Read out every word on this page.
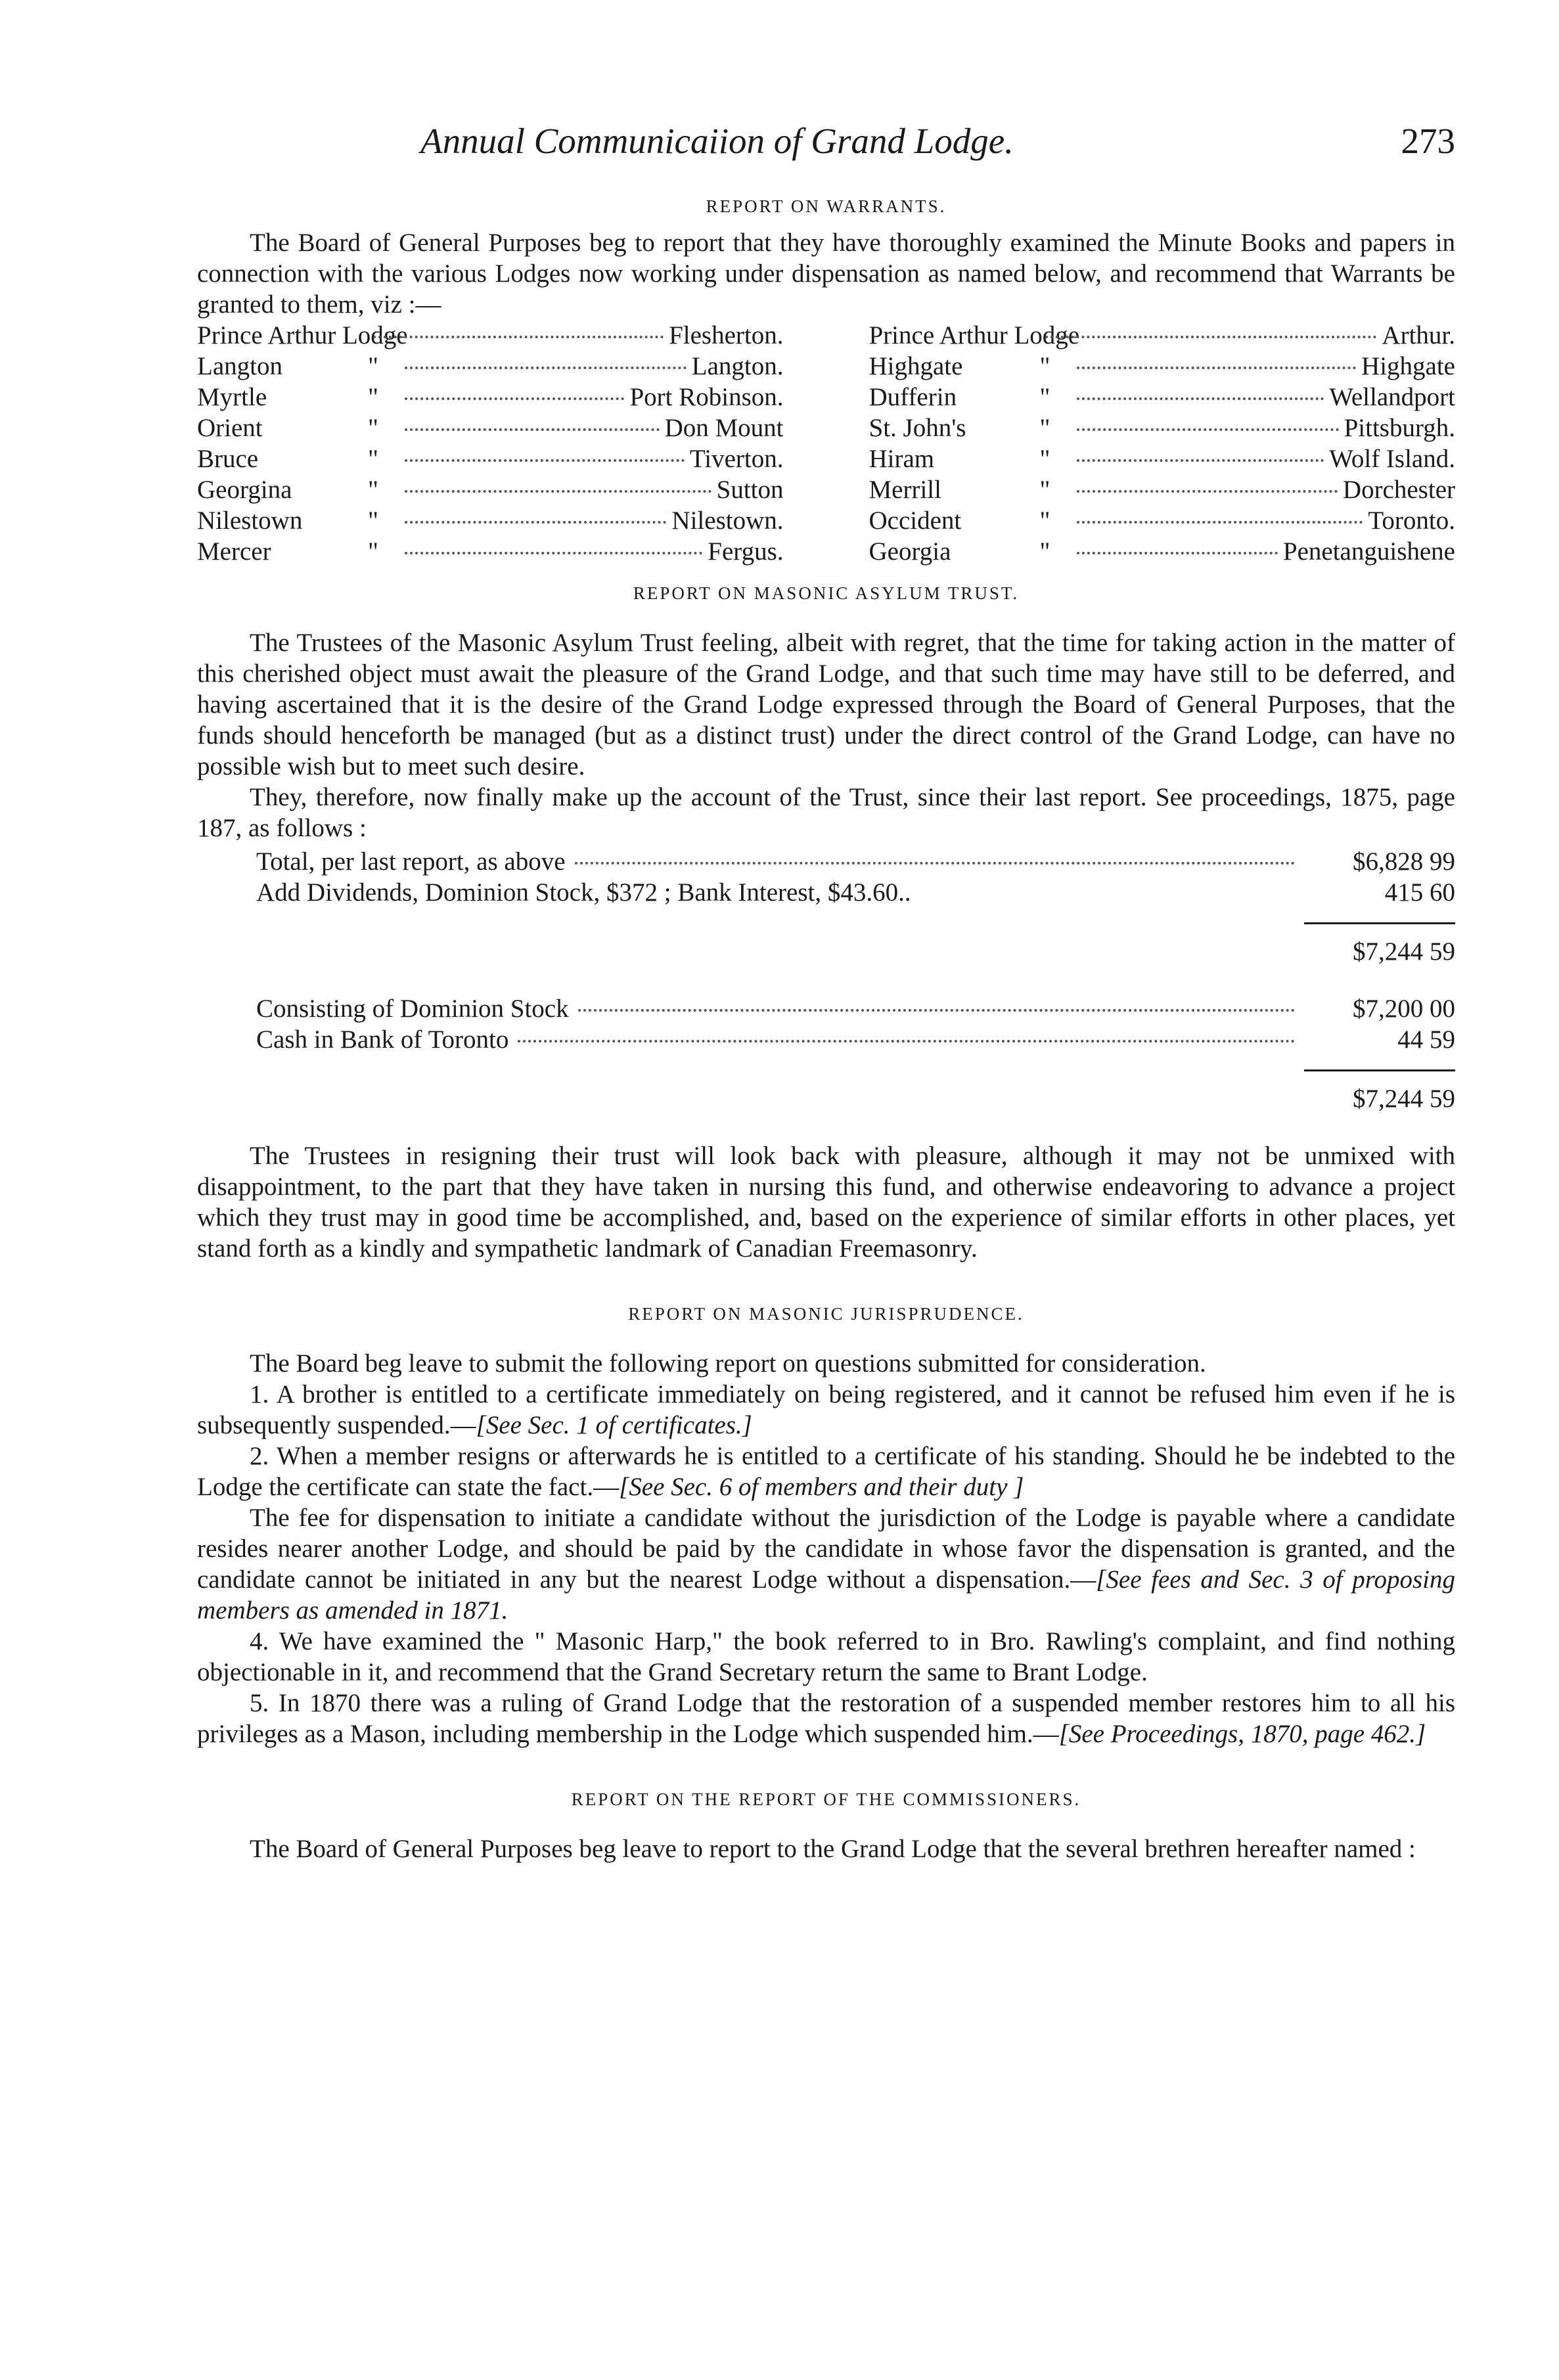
Annual Communicaiion of Grand Lodge.	273
REPORT ON WARRANTS.

The Board of General Purposes beg to report that they have thoroughly examined the Minute Books and papers in connection with the various Lodges now working under dispensation as named below, and recommend that Warrants be granted to them, viz :—

Prince Arthur Lodge	Flesherton.
Langton	"	Langton.
Myrtle	"	Port Robinson.
Orient	"	Don Mount
Bruce	"	Tiverton.
Georgina	"	Sutton
Nilestown	"	Nilestown.
Mercer	"	Fergus.
Prince Arthur Lodge	Arthur.
Highgate	"	Highgate
Dufferin	"	Wellandport
St. John's	"	Pittsburgh.
Hiram	"	Wolf Island.
Merrill	"	Dorchester
Occident	"	Toronto.
Georgia	"	Penetanguishene
REPORT ON MASONIC ASYLUM TRUST.

The Trustees of the Masonic Asylum Trust feeling, albeit with regret, that the time for taking action in the matter of this cherished object must await the pleasure of the Grand Lodge, and that such time may have still to be deferred, and having ascertained that it is the desire of the Grand Lodge expressed through the Board of General Purposes, that the funds should henceforth be managed (but as a distinct trust) under the direct control of the Grand Lodge, can have no possible wish but to meet such desire.

They, therefore, now finally make up the account of the Trust, since their last report. See proceedings, 1875, page 187, as follows :

Total, per last report, as above	$6,828 99
Add Dividends, Dominion Stock, $372 ; Bank Interest, $43.60..	415 60
$7,244 59
Consisting of Dominion Stock	$7,200 00
Cash in Bank of Toronto	44 59
$7,244 59

The Trustees in resigning their trust will look back with pleasure, although it may not be unmixed with disappointment, to the part that they have taken in nursing this fund, and otherwise endeavoring to advance a project which they trust may in good time be accomplished, and, based on the experience of similar efforts in other places, yet stand forth as a kindly and sympathetic landmark of Canadian Freemasonry.

REPORT ON MASONIC JURISPRUDENCE.

The Board beg leave to submit the following report on questions submitted for consideration.

1. A brother is entitled to a certificate immediately on being registered, and it cannot be refused him even if he is subsequently suspended.—[See Sec. 1 of certificates.]

2. When a member resigns or afterwards he is entitled to a certificate of his standing. Should he be indebted to the Lodge the certificate can state the fact.—[See Sec. 6 of members and their duty ]

The fee for dispensation to initiate a candidate without the jurisdiction of the Lodge is payable where a candidate resides nearer another Lodge, and should be paid by the candidate in whose favor the dispensation is granted, and the candidate cannot be initiated in any but the nearest Lodge without a dispensation.—[See fees and Sec. 3 of proposing members as amended in 1871.

4. We have examined the " Masonic Harp," the book referred to in Bro. Rawling's complaint, and find nothing objectionable in it, and recommend that the Grand Secretary return the same to Brant Lodge.

5. In 1870 there was a ruling of Grand Lodge that the restoration of a suspended member restores him to all his privileges as a Mason, including membership in the Lodge which suspended him.—[See Proceedings, 1870, page 462.]

REPORT ON THE REPORT OF THE COMMISSIONERS.

The Board of General Purposes beg leave to report to the Grand Lodge that the several brethren hereafter named :
